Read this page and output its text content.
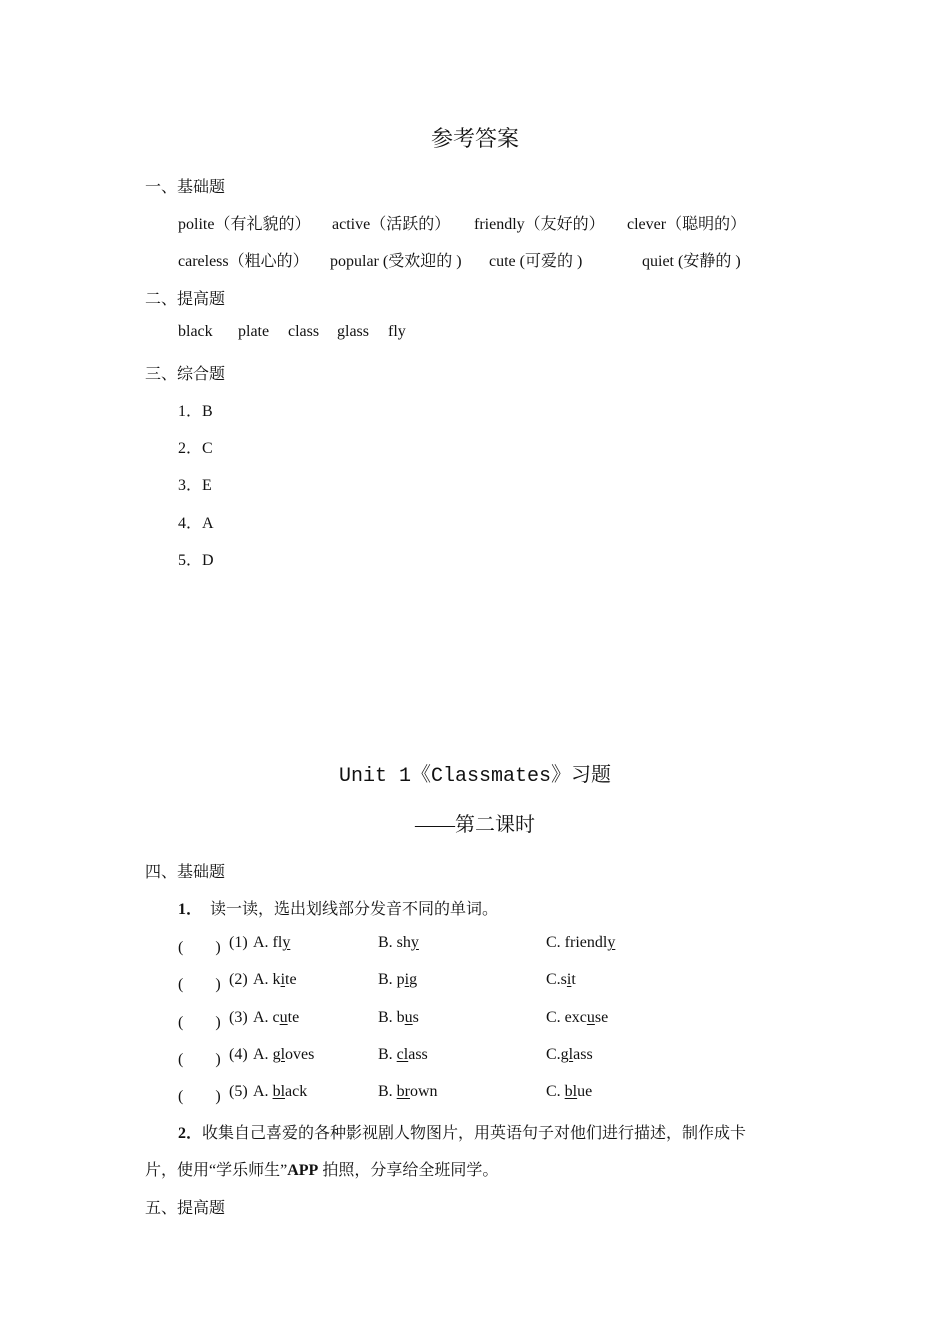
参考答案
一、基础题
polite（有礼貌的） active（活跃的） friendly（友好的） clever（聪明的）
careless（粗心的） popular (受欢迎的 ) cute (可爱的 )	quiet (安静的 )
二、提高题
black plate class glass fly
三、综合题
1．B
2．C
3．E
4．A
5．D
Unit 1《Classmates》习题
——第二课时
四、基础题
1． 读一读，选出划线部分发音不同的单词。
(　　) (1) A. fly	B. shy	C. friendly
(　　) (2) A. kite	B. pig	C.sit
(　　) (3) A. cute	B. bus	C. excuse
(　　) (4) A. gloves	B. class	C.glass
(　　) (5) A. black	B. brown	C. blue
2．收集自己喜爱的各种影视剧人物图片，用英语句子对他们进行描述，制作成卡
片，使用“学乐师生”APP 拍照，分享给全班同学。
五、提高题
